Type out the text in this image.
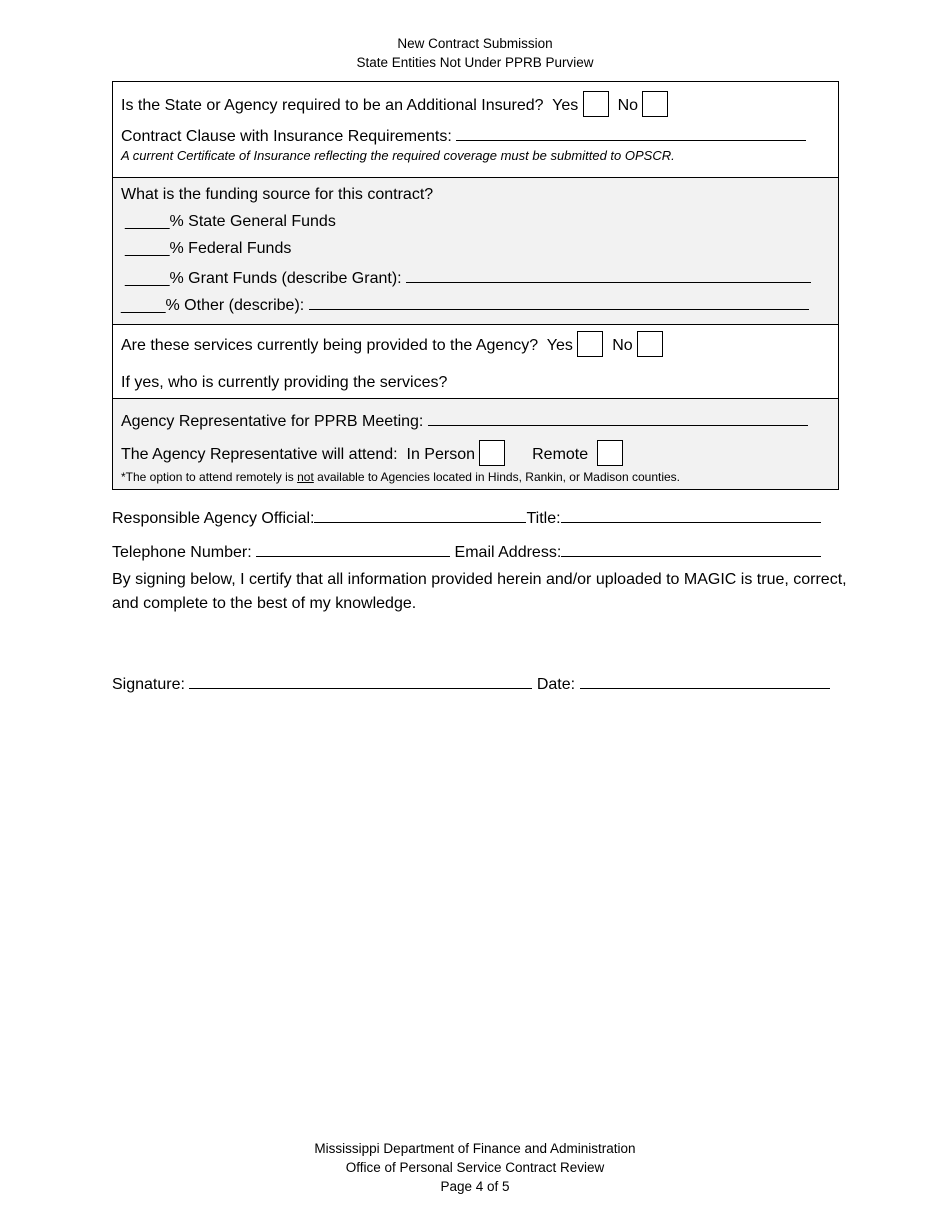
New Contract Submission
State Entities Not Under PPRB Purview
Is the State or Agency required to be an Additional Insured? Yes No
Contract Clause with Insurance Requirements:
A current Certificate of Insurance reflecting the required coverage must be submitted to OPSCR.
What is the funding source for this contract?
_____% State General Funds
_____% Federal Funds
_____% Grant Funds (describe Grant):
_____% Other (describe):
Are these services currently being provided to the Agency? Yes No
If yes, who is currently providing the services?
Agency Representative for PPRB Meeting:
The Agency Representative will attend: In Person	Remote
*The option to attend remotely is not available to Agencies located in Hinds, Rankin, or Madison counties.
Responsible Agency Official:	Title:
Telephone Number:	Email Address:
By signing below, I certify that all information provided herein and/or uploaded to MAGIC is true, correct, and complete to the best of my knowledge.
Signature:	Date:
Mississippi Department of Finance and Administration
Office of Personal Service Contract Review
Page 4 of 5
